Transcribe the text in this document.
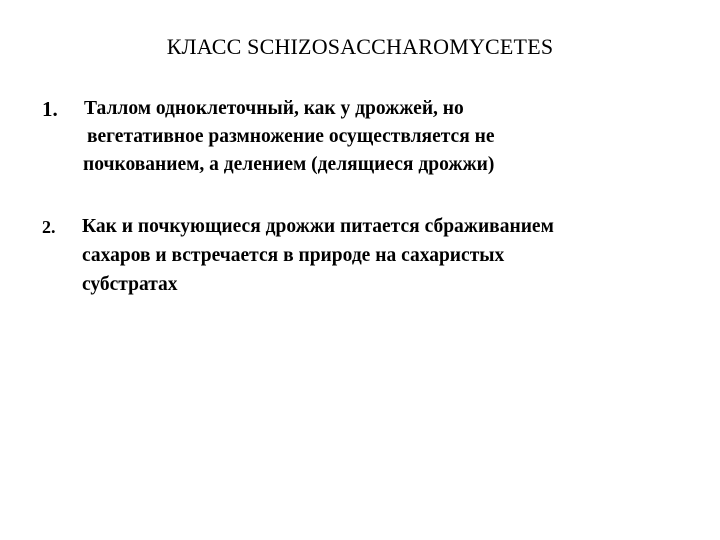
КЛАСС SCHIZOSACCHAROMYCETES
1. Таллом одноклеточный, как у дрожжей, но
вегетативное размножение осуществляется не
почкованием, а делением (делящиеся дрожжи)
2. Как и почкующиеся дрожжи питается сбраживанием
сахаров и встречается в природе на сахаристых
субстратах
